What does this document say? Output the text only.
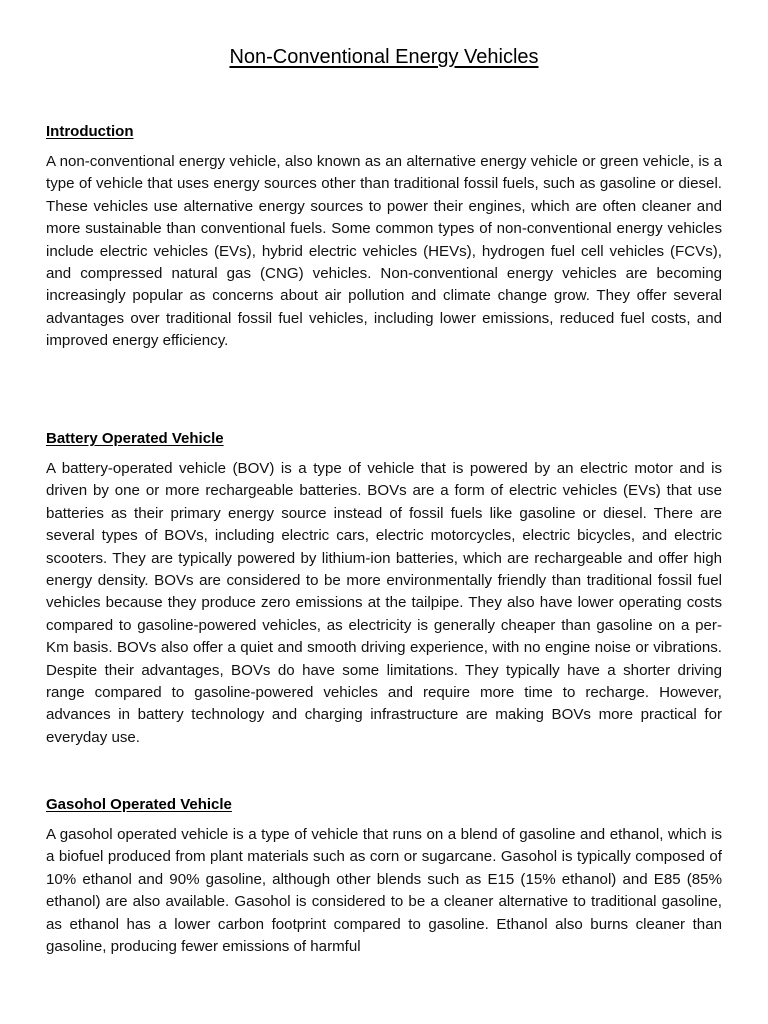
Non-Conventional Energy Vehicles
Introduction

A non-conventional energy vehicle, also known as an alternative energy vehicle or green vehicle, is a type of vehicle that uses energy sources other than traditional fossil fuels, such as gasoline or diesel. These vehicles use alternative energy sources to power their engines, which are often cleaner and more sustainable than conventional fuels. Some common types of non-conventional energy vehicles include electric vehicles (EVs), hybrid electric vehicles (HEVs), hydrogen fuel cell vehicles (FCVs), and compressed natural gas (CNG) vehicles. Non-conventional energy vehicles are becoming increasingly popular as concerns about air pollution and climate change grow. They offer several advantages over traditional fossil fuel vehicles, including lower emissions, reduced fuel costs, and improved energy efficiency.

Battery Operated Vehicle

A battery-operated vehicle (BOV) is a type of vehicle that is powered by an electric motor and is driven by one or more rechargeable batteries. BOVs are a form of electric vehicles (EVs) that use batteries as their primary energy source instead of fossil fuels like gasoline or diesel. There are several types of BOVs, including electric cars, electric motorcycles, electric bicycles, and electric scooters. They are typically powered by lithium-ion batteries, which are rechargeable and offer high energy density. BOVs are considered to be more environmentally friendly than traditional fossil fuel vehicles because they produce zero emissions at the tailpipe. They also have lower operating costs compared to gasoline-powered vehicles, as electricity is generally cheaper than gasoline on a per-Km basis. BOVs also offer a quiet and smooth driving experience, with no engine noise or vibrations. Despite their advantages, BOVs do have some limitations. They typically have a shorter driving range compared to gasoline-powered vehicles and require more time to recharge. However, advances in battery technology and charging infrastructure are making BOVs more practical for everyday use.

Gasohol Operated Vehicle

A gasohol operated vehicle is a type of vehicle that runs on a blend of gasoline and ethanol, which is a biofuel produced from plant materials such as corn or sugarcane. Gasohol is typically composed of 10% ethanol and 90% gasoline, although other blends such as E15 (15% ethanol) and E85 (85% ethanol) are also available. Gasohol is considered to be a cleaner alternative to traditional gasoline, as ethanol has a lower carbon footprint compared to gasoline. Ethanol also burns cleaner than gasoline, producing fewer emissions of harmful
